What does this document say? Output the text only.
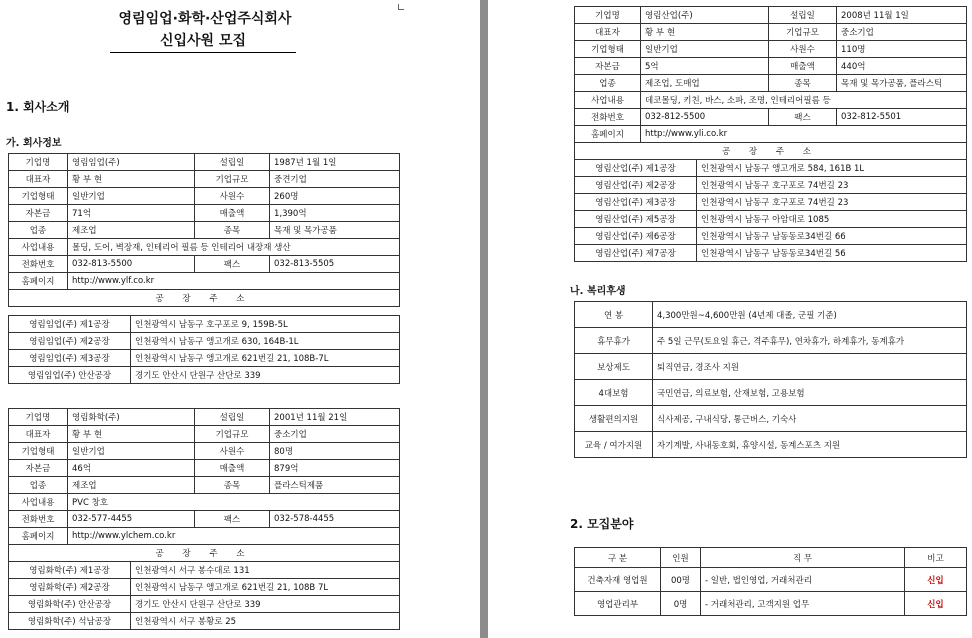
영림임업·화학·산업주식회사
신입사원 모집
1. 회사소개
가. 회사정보
기업명	영림임업(주)	설립일	1987년 1월 1일
대표자	황 부 현	기업규모	중견기업
기업형태	일반기업	사원수	260명
자본금	71억	매출액	1,390억
업종	제조업	종목	목재 및 목가공품
사업내용	몰딩, 도어, 벽장재, 인테리어 필름 등 인테리어 내장재 생산		
전화번호	032-813-5500	팩스	032-813-5505
홈페이지	http://www.ylf.co.kr		
공 장 주 소			
영림임업(주) 제1공장	인천광역시 남동구 호구포로 9, 159B-5L
영림임업(주) 제2공장	인천광역시 남동구 앵고개로 630, 164B-1L
영림임업(주) 제3공장	인천광역시 남동구 앵고개로 621번길 21, 108B-7L
영림임업(주) 안산공장	경기도 안산시 단원구 산단로 339
기업명	영림화학(주)	설립일	2001년 11월 21일
대표자	황 부 현	기업규모	중소기업
기업형태	일반기업	사원수	80명
자본금	46억	매출액	879억
업종	제조업	종목	플라스틱제품
사업내용	PVC 창호		
전화번호	032-577-4455	팩스	032-578-4455
홈페이지	http://www.ylchem.co.kr		
공 장 주 소			
영림화학(주) 제1공장	인천광역시 서구 봉수대로 131
영림화학(주) 제2공장	인천광역시 남동구 앵고개로 621번길 21, 108B 7L
영림화학(주) 안산공장	경기도 안산시 단원구 산단로 339
영림화학(주) 석남공장	인천광역시 서구 봉황로 25
기업명	영림산업(주)	설립일	2008년 11월 1일
대표자	황 부 현	기업규모	중소기업
기업형태	일반기업	사원수	110명
자본금	5억	매출액	440억
업종	제조업, 도매업	종목	목재 및 목가공품, 플라스틱
사업내용	데코몰딩, 키친, 바스, 소파, 조명, 인테리어필름 등		
전화번호	032-812-5500	팩스	032-812-5501
홈페이지	http://www.yli.co.kr		
공 장 주 소			
영림산업(주) 제1공장	인천광역시 남동구 앵고개로 584, 161B 1L
영림산업(주) 제2공장	인천광역시 남동구 호구포로 74번길 23
영림산업(주) 제3공장	인천광역시 남동구 호구포로 74번길 23
영림산업(주) 제5공장	인천광역시 남동구 아암대로 1085
영림산업(주) 제6공장	인천광역시 남동구 남동동로34번길 66
영림산업(주) 제7공장	인천광역시 남동구 남동동로34번길 56
나. 복리후생
연 봉	4,300만원~4,600만원 (4년제 대졸, 군필 기준)
휴무휴가	주 5일 근무(토요일 휴근, 격주휴무), 연차휴가, 하계휴가, 동계휴가
보상제도	퇴직연금, 경조사 지원
4대보험	국민연금, 의료보험, 산재보험, 고용보험
생활편의지원	식사제공, 구내식당, 통근버스, 기숙사
교육 / 여가지원	자기계발, 사내동호회, 휴양시설, 동계스포츠 지원
2. 모집분야
구 분	인원	직 무	비고
건축자재 영업원	00명	- 일반, 법인영업, 거래처관리	신입
영업관리부	0명	- 거래처관리, 고객지원 업무	신입
